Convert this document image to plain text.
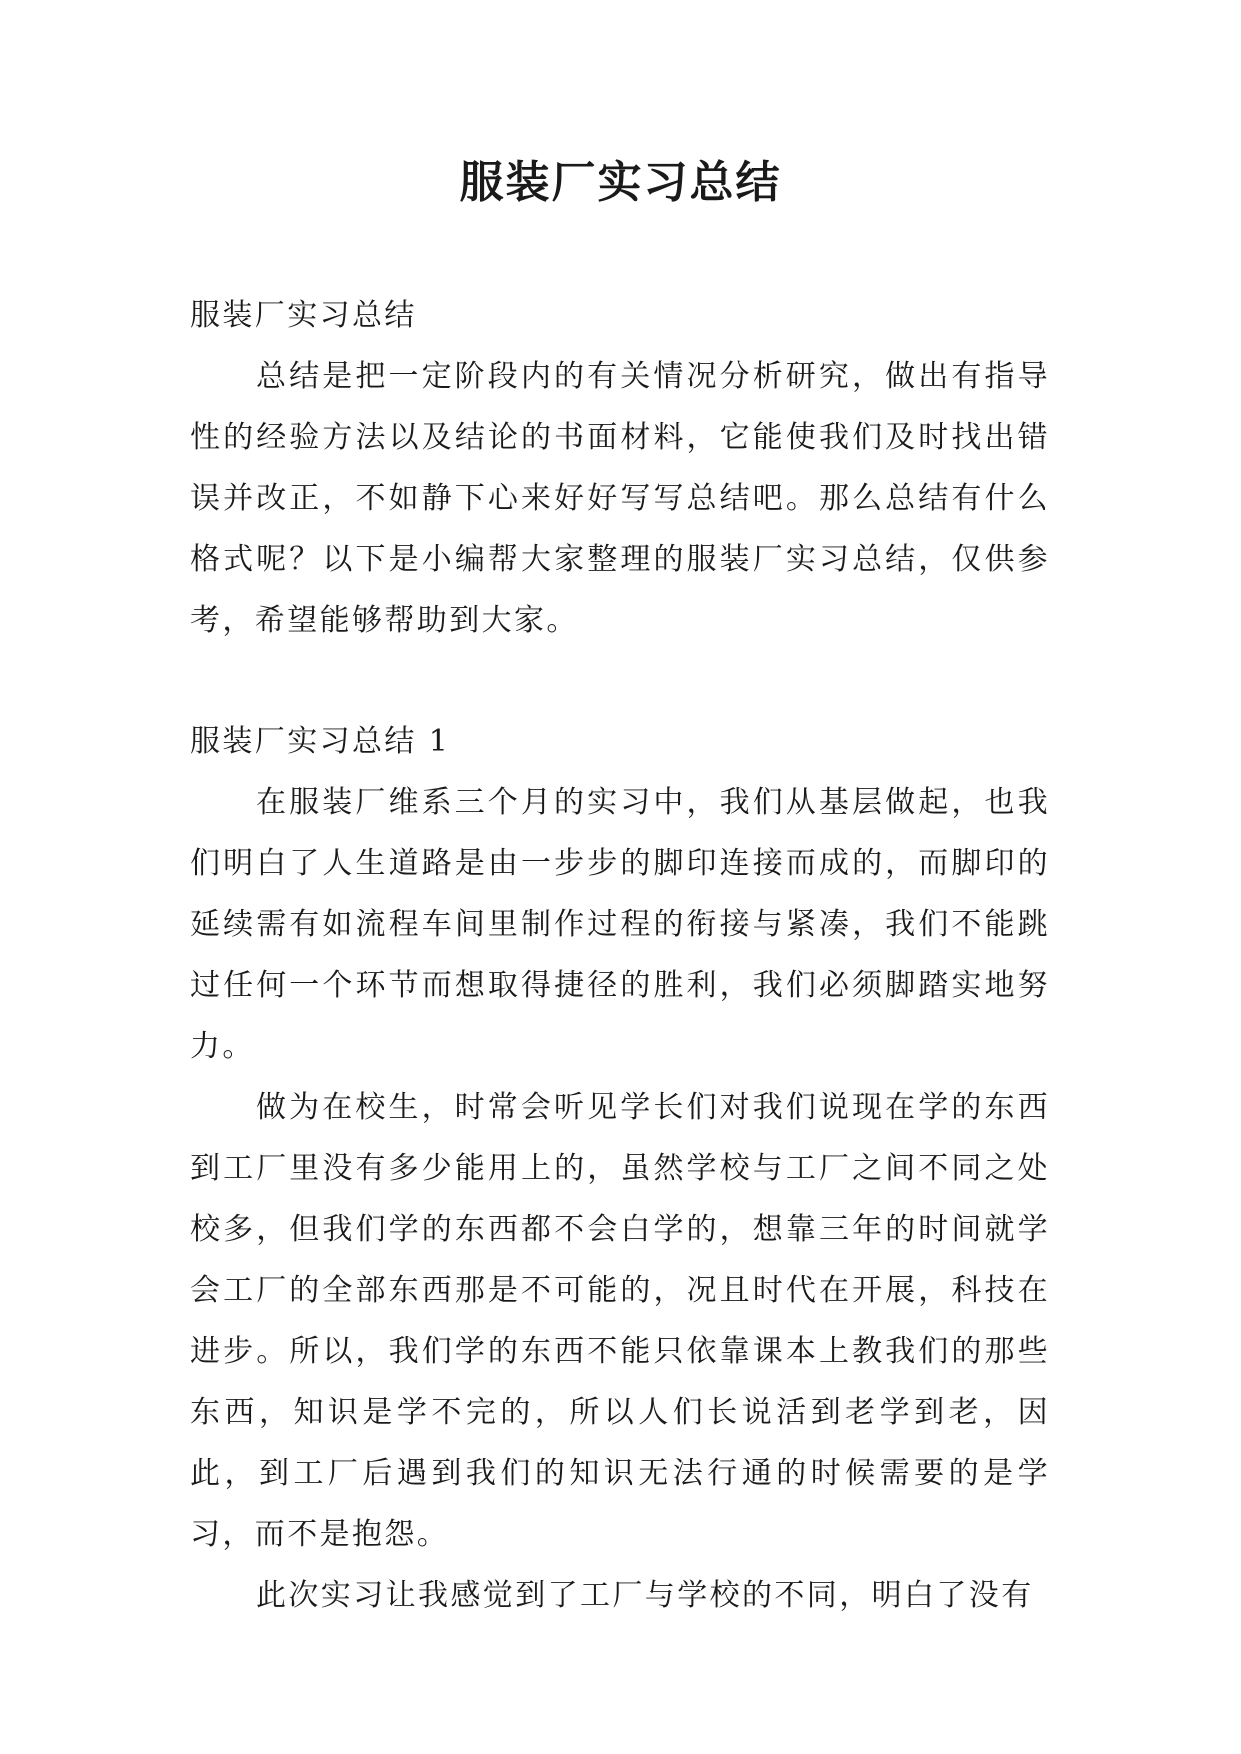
服装厂实习总结

服装厂实习总结

总结是把一定阶段内的有关情况分析研究，做出有指导性的经验方法以及结论的书面材料，它能使我们及时找出错误并改正，不如静下心来好好写写总结吧。那么总结有什么格式呢？以下是小编帮大家整理的服装厂实习总结，仅供参考，希望能够帮助到大家。

服装厂实习总结 1

在服装厂维系三个月的实习中，我们从基层做起，也我们明白了人生道路是由一步步的脚印连接而成的，而脚印的延续需有如流程车间里制作过程的衔接与紧凑，我们不能跳过任何一个环节而想取得捷径的胜利，我们必须脚踏实地努力。

做为在校生，时常会听见学长们对我们说现在学的东西到工厂里没有多少能用上的，虽然学校与工厂之间不同之处校多，但我们学的东西都不会白学的，想靠三年的时间就学会工厂的全部东西那是不可能的，况且时代在开展，科技在进步。所以，我们学的东西不能只依靠课本上教我们的那些东西，知识是学不完的，所以人们长说活到老学到老，因此，到工厂后遇到我们的知识无法行通的时候需要的是学习，而不是抱怨。

此次实习让我感觉到了工厂与学校的不同，明白了没有
